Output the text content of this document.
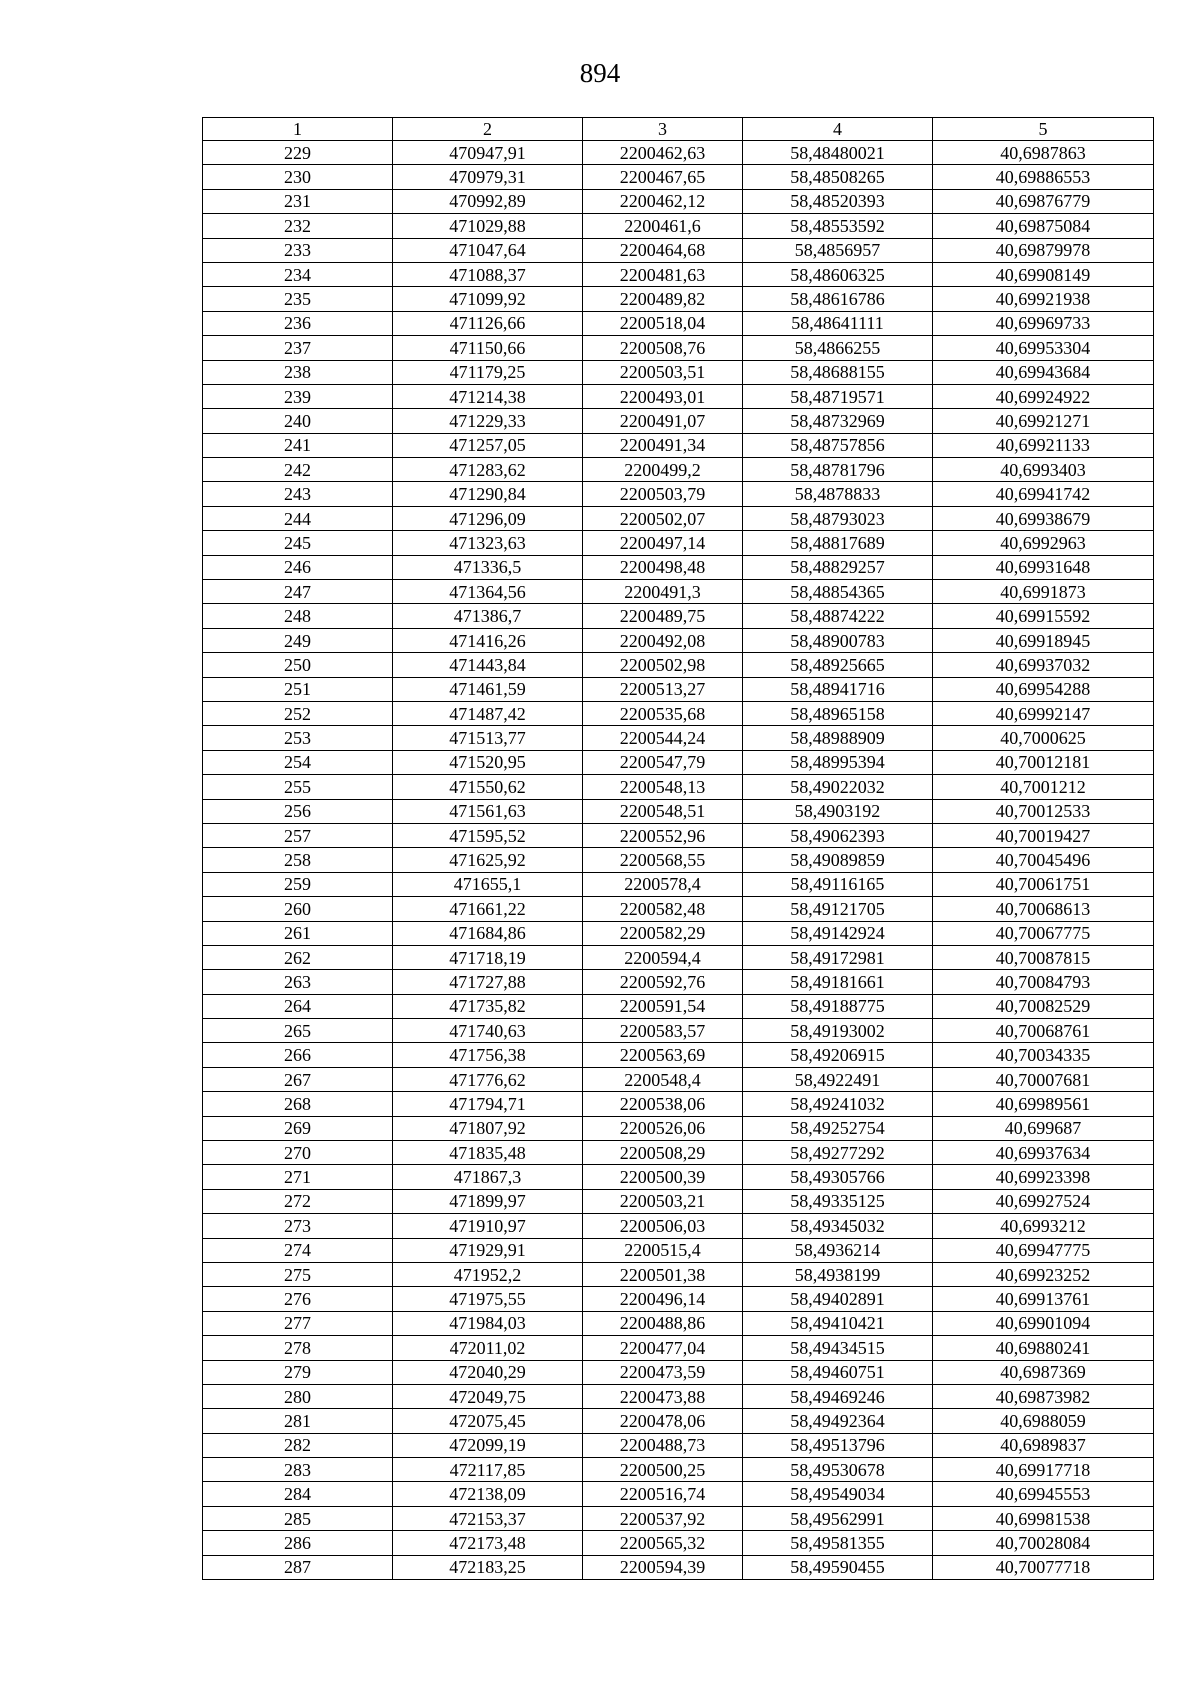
894
1	2	3	4	5
229	470947,91	2200462,63	58,48480021	40,6987863
230	470979,31	2200467,65	58,48508265	40,69886553
231	470992,89	2200462,12	58,48520393	40,69876779
232	471029,88	2200461,6	58,48553592	40,69875084
233	471047,64	2200464,68	58,4856957	40,69879978
234	471088,37	2200481,63	58,48606325	40,69908149
235	471099,92	2200489,82	58,48616786	40,69921938
236	471126,66	2200518,04	58,48641111	40,69969733
237	471150,66	2200508,76	58,4866255	40,69953304
238	471179,25	2200503,51	58,48688155	40,69943684
239	471214,38	2200493,01	58,48719571	40,69924922
240	471229,33	2200491,07	58,48732969	40,69921271
241	471257,05	2200491,34	58,48757856	40,69921133
242	471283,62	2200499,2	58,48781796	40,6993403
243	471290,84	2200503,79	58,4878833	40,69941742
244	471296,09	2200502,07	58,48793023	40,69938679
245	471323,63	2200497,14	58,48817689	40,6992963
246	471336,5	2200498,48	58,48829257	40,69931648
247	471364,56	2200491,3	58,48854365	40,6991873
248	471386,7	2200489,75	58,48874222	40,69915592
249	471416,26	2200492,08	58,48900783	40,69918945
250	471443,84	2200502,98	58,48925665	40,69937032
251	471461,59	2200513,27	58,48941716	40,69954288
252	471487,42	2200535,68	58,48965158	40,69992147
253	471513,77	2200544,24	58,48988909	40,7000625
254	471520,95	2200547,79	58,48995394	40,70012181
255	471550,62	2200548,13	58,49022032	40,7001212
256	471561,63	2200548,51	58,4903192	40,70012533
257	471595,52	2200552,96	58,49062393	40,70019427
258	471625,92	2200568,55	58,49089859	40,70045496
259	471655,1	2200578,4	58,49116165	40,70061751
260	471661,22	2200582,48	58,49121705	40,70068613
261	471684,86	2200582,29	58,49142924	40,70067775
262	471718,19	2200594,4	58,49172981	40,70087815
263	471727,88	2200592,76	58,49181661	40,70084793
264	471735,82	2200591,54	58,49188775	40,70082529
265	471740,63	2200583,57	58,49193002	40,70068761
266	471756,38	2200563,69	58,49206915	40,70034335
267	471776,62	2200548,4	58,4922491	40,70007681
268	471794,71	2200538,06	58,49241032	40,69989561
269	471807,92	2200526,06	58,49252754	40,699687
270	471835,48	2200508,29	58,49277292	40,69937634
271	471867,3	2200500,39	58,49305766	40,69923398
272	471899,97	2200503,21	58,49335125	40,69927524
273	471910,97	2200506,03	58,49345032	40,6993212
274	471929,91	2200515,4	58,4936214	40,69947775
275	471952,2	2200501,38	58,4938199	40,69923252
276	471975,55	2200496,14	58,49402891	40,69913761
277	471984,03	2200488,86	58,49410421	40,69901094
278	472011,02	2200477,04	58,49434515	40,69880241
279	472040,29	2200473,59	58,49460751	40,6987369
280	472049,75	2200473,88	58,49469246	40,69873982
281	472075,45	2200478,06	58,49492364	40,6988059
282	472099,19	2200488,73	58,49513796	40,6989837
283	472117,85	2200500,25	58,49530678	40,69917718
284	472138,09	2200516,74	58,49549034	40,69945553
285	472153,37	2200537,92	58,49562991	40,69981538
286	472173,48	2200565,32	58,49581355	40,70028084
287	472183,25	2200594,39	58,49590455	40,70077718
